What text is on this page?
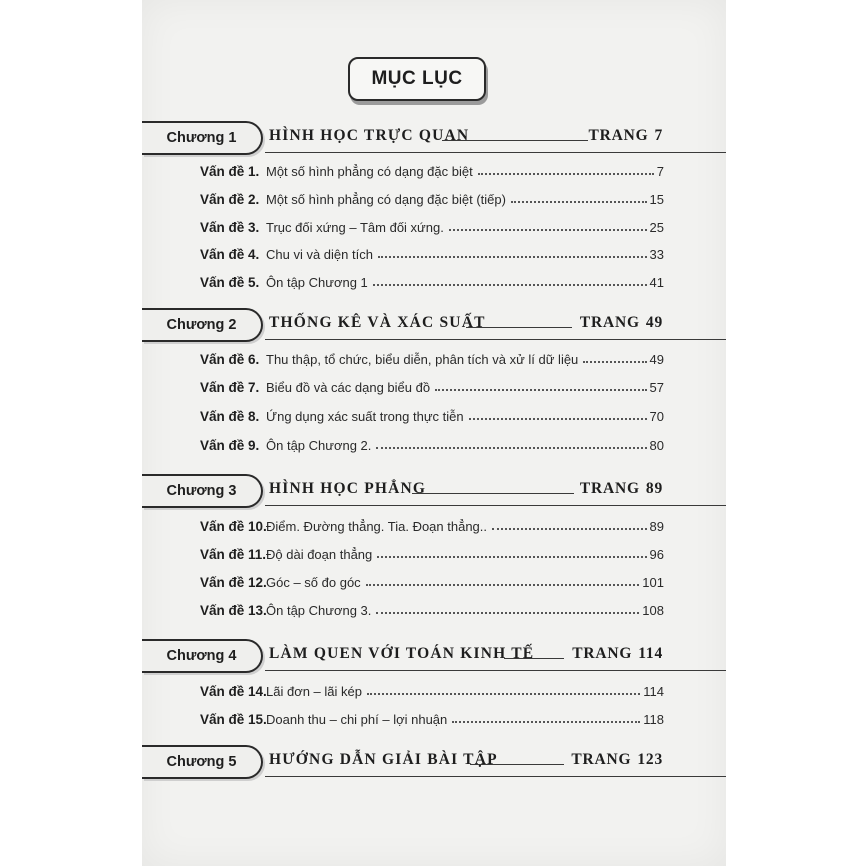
MỤC LỤC
Chương 1	HÌNH HỌC TRỰC QUAN	TRANG 7
Vấn đề 1. Một số hình phẳng có dạng đặc biệt	7
Vấn đề 2. Một số hình phẳng có dạng đặc biệt (tiếp)	15
Vấn đề 3. Trục đối xứng – Tâm đối xứng.	25
Vấn đề 4. Chu vi và diện tích	33
Vấn đề 5. Ôn tập Chương 1	41
Chương 2	THỐNG KÊ VÀ XÁC SUẤT	TRANG 49
Vấn đề 6. Thu thập, tổ chức, biểu diễn, phân tích và xử lí dữ liệu	49
Vấn đề 7. Biểu đồ và các dạng biểu đồ	57
Vấn đề 8. Ứng dụng xác suất trong thực tiễn	70
Vấn đề 9. Ôn tập Chương 2.	80
Chương 3	HÌNH HỌC PHẲNG	TRANG 89
Vấn đề 10. Điểm. Đường thẳng. Tia. Đoạn thẳng..	89
Vấn đề 11. Độ dài đoạn thẳng	96
Vấn đề 12. Góc – số đo góc	101
Vấn đề 13. Ôn tập Chương 3.	108
Chương 4	LÀM QUEN VỚI TOÁN KINH TẾ TRANG 114
Vấn đề 14. Lãi đơn – lãi kép	114
Vấn đề 15. Doanh thu – chi phí – lợi nhuận	118
Chương 5	HƯỚNG DẪN GIẢI BÀI TẬP	TRANG 123
